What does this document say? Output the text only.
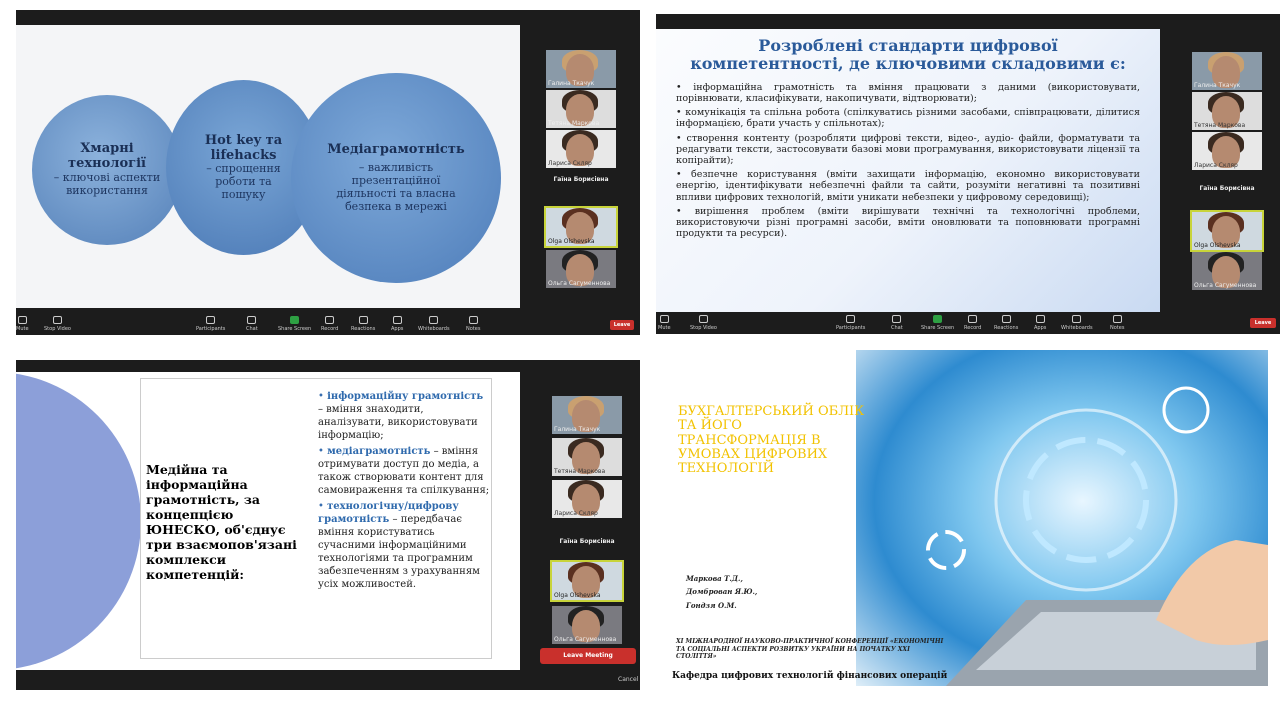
Хмарні технології
– ключові аспекти використання
Hot key та lifehacks
– спрощення роботи та пошуку
Медіаграмотність
– важливість презентаційної діяльності та власна безпека в мережі
Галина Ткачук
Тетяна Маркова
Лариса Скляр
Гаїна Борисівна
Olga Olshevska
Ольга Сагуменнова
Mute	Stop Video	Participants	Chat	Share Screen Record	Reactions	Apps	Whiteboards	Notes
Leave
Розроблені стандарти цифрової компетентності, де ключовими складовими є:
• інформаційна грамотність та вміння працювати з даними (використовувати, порівнювати, класифікувати, накопичувати, відтворювати);
• комунікація та спільна робота (спілкуватись різними засобами, співпрацювати, ділитися інформацією, брати участь у спільнотах);
• створення контенту (розробляти цифрові тексти, відео-, аудіо- файли, форматувати та редагувати тексти, застосовувати базові мови програмування, використовувати ліцензії та копірайти);
• безпечне користування (вміти захищати інформацію, економно використовувати енергію, ідентифікувати небезпечні файли та сайти, розуміти негативні та позитивні впливи цифрових технологій, вміти уникати небезпеки у цифровому середовищі);
• вирішення проблем (вміти вирішувати технічні та технологічні проблеми, використовуючи різні програмні засоби, вміти оновлювати та поповнювати програмні продукти та ресурси).
Галина Ткачук
Тетяна Маркова
Лариса Скляр
Гаїна Борисівна
Olga Olshevska
Ольга Сагуменнова
Mute	Stop Video	Participants	Chat	Share Screen Record	Reactions	Apps	Whiteboards	Notes
Leave
Медійна та інформаційна грамотність, за концепцією ЮНЕСКО, об'єднує три взаємопов'язані комплекси компетенцій:
• інформаційну грамотність – вміння знаходити, аналізувати, використовувати інформацію;
• медіаграмотність – вміння отримувати доступ до медіа, а також створювати контент для самовираження та спілкування;
• технологічну/цифрову грамотність – передбачає вміння користуватись сучасними інформаційними технологіями та програмним забезпеченням з урахуванням усіх можливостей.
Галина Ткачук
Тетяна Маркова
Лариса Скляр
Гаїна Борисівна
Olga Olshevska
Ольга Сагуменнова
Leave Meeting
Cancel
БУХГАЛТЕРСЬКИЙ ОБЛІК ТА ЙОГО ТРАНСФОРМАЦІЯ В УМОВАХ ЦИФРОВИХ ТЕХНОЛОГІЙ
Маркова Т.Д.,
Домброван Я.Ю.,
Гондзя О.М.
XI МІЖНАРОДНОЇ НАУКОВО-ПРАКТИЧНОЇ КОНФЕРЕНЦІЇ «ЕКОНОМІЧНІ ТА СОЦІАЛЬНІ АСПЕКТИ РОЗВИТКУ УКРАЇНИ НА ПОЧАТКУ XXI СТОЛІТТЯ»
Кафедра цифрових технологій фінансових операцій
